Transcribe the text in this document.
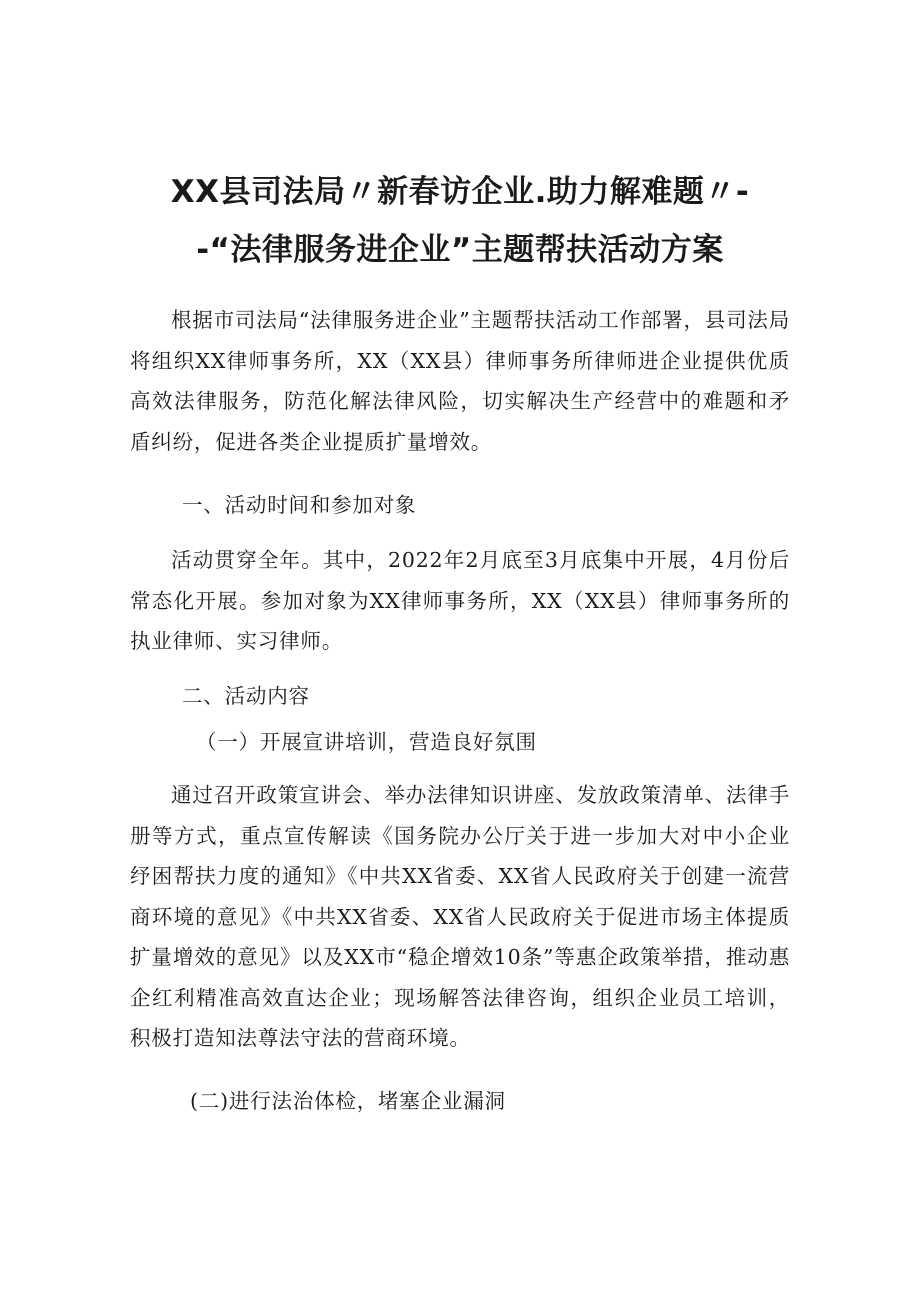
XX县司法局〃新春访企业.助力解难题〃-
-“法律服务进企业”主题帮扶活动方案

根据市司法局“法律服务进企业”主题帮扶活动工作部署，县司法局将组织XX律师事务所，XX（XX县）律师事务所律师进企业提供优质高效法律服务，防范化解法律风险，切实解决生产经营中的难题和矛盾纠纷，促进各类企业提质扩量增效。

一、活动时间和参加对象

活动贯穿全年。其中，2022年2月底至3月底集中开展，4月份后常态化开展。参加对象为XX律师事务所，XX（XX县）律师事务所的执业律师、实习律师。

二、活动内容

（一）开展宣讲培训，营造良好氛围

通过召开政策宣讲会、举办法律知识讲座、发放政策清单、法律手册等方式，重点宣传解读《国务院办公厅关于进一步加大对中小企业纾困帮扶力度的通知》《中共XX省委、XX省人民政府关于创建一流营商环境的意见》《中共XX省委、XX省人民政府关于促进市场主体提质扩量增效的意见》以及XX市“稳企增效10条”等惠企政策举措，推动惠企红利精准高效直达企业；现场解答法律咨询，组织企业员工培训，积极打造知法尊法守法的营商环境。

(二)进行法治体检，堵塞企业漏洞
